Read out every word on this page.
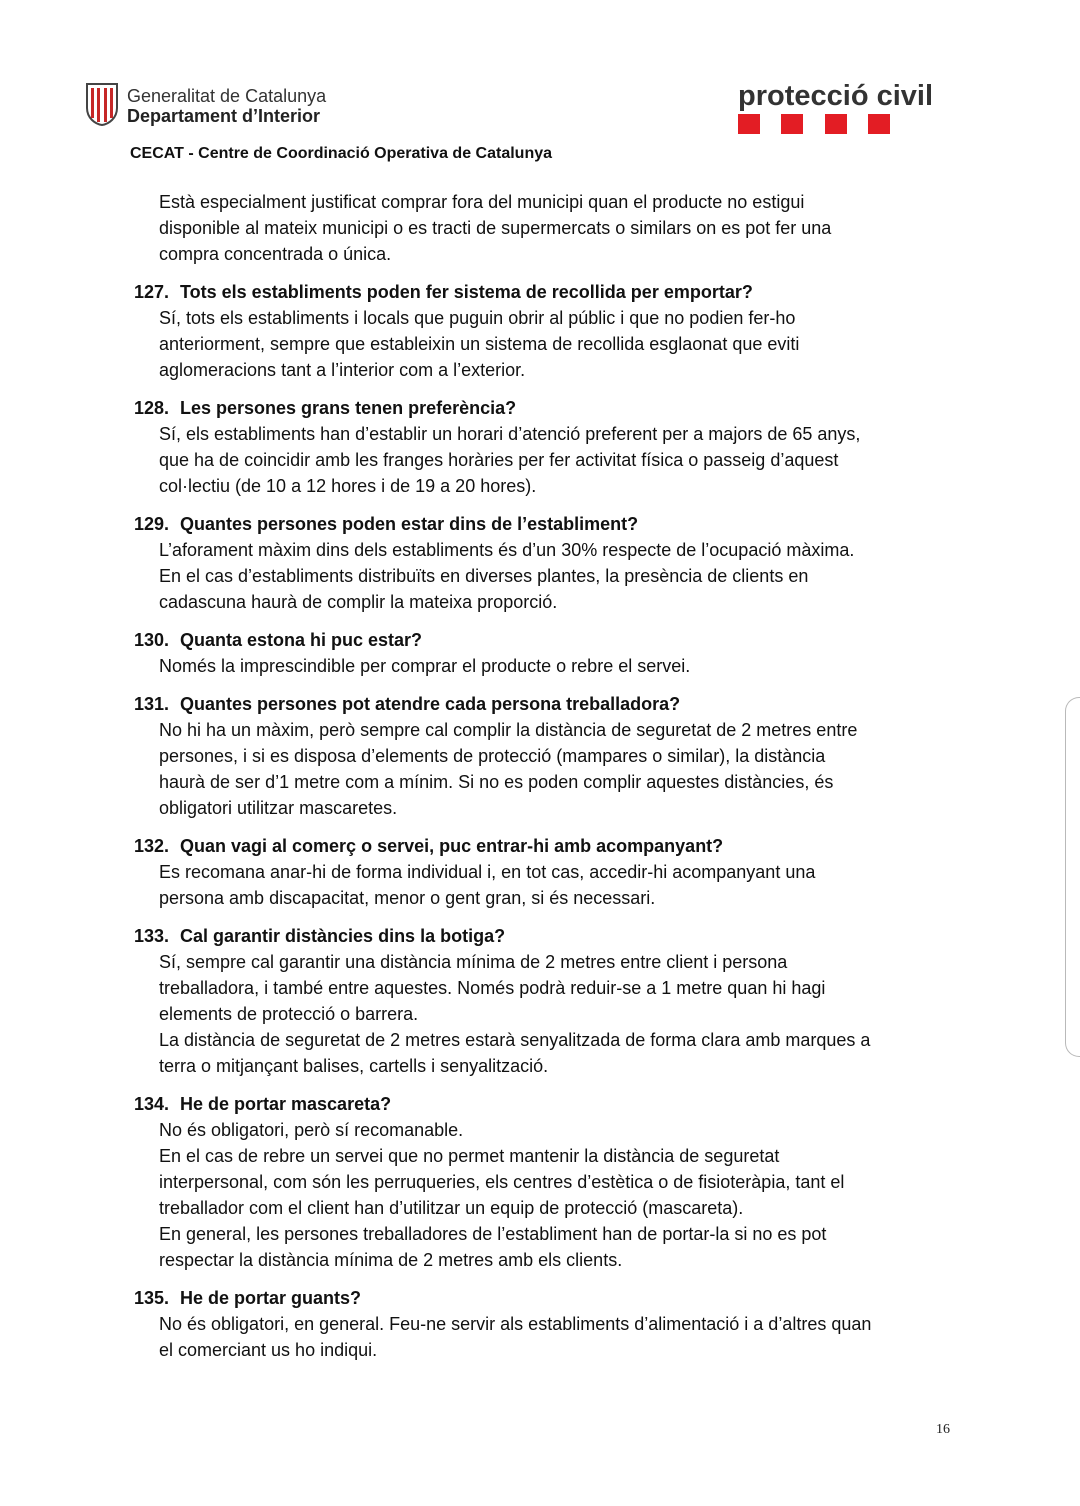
Generalitat de Catalunya
Departament d’Interior
protecció civil
CECAT - Centre de Coordinació Operativa de Catalunya

Està especialment justificat comprar fora del municipi quan el producte no estigui

disponible al mateix municipi o es tracti de supermercats o similars on es pot fer una

compra concentrada o única.

127. Tots els establiments poden fer sistema de recollida per emportar?

Sí, tots els establiments i locals que puguin obrir al públic i que no podien fer-ho

anteriorment, sempre que estableixin un sistema de recollida esglaonat que eviti

aglomeracions tant a l’interior com a l’exterior.

128. Les persones grans tenen preferència?

Sí, els establiments han d’establir un horari d’atenció preferent per a majors de 65 anys,

que ha de coincidir amb les franges horàries per fer activitat física o passeig d’aquest

col·lectiu (de 10 a 12 hores i de 19 a 20 hores).

129. Quantes persones poden estar dins de l’establiment?

L’aforament màxim dins dels establiments és d’un 30% respecte de l’ocupació màxima.

En el cas d’establiments distribuïts en diverses plantes, la presència de clients en

cadascuna haurà de complir la mateixa proporció.

130. Quanta estona hi puc estar?

Només la imprescindible per comprar el producte o rebre el servei.

131. Quantes persones pot atendre cada persona treballadora?

No hi ha un màxim, però sempre cal complir la distància de seguretat de 2 metres entre

persones, i si es disposa d’elements de protecció (mampares o similar), la distància

haurà de ser d’1 metre com a mínim. Si no es poden complir aquestes distàncies, és

obligatori utilitzar mascaretes.

132. Quan vagi al comerç o servei, puc entrar-hi amb acompanyant?

Es recomana anar-hi de forma individual i, en tot cas, accedir-hi acompanyant una

persona amb discapacitat, menor o gent gran, si és necessari.

133. Cal garantir distàncies dins la botiga?

Sí, sempre cal garantir una distància mínima de 2 metres entre client i persona

treballadora, i també entre aquestes. Només podrà reduir-se a 1 metre quan hi hagi

elements de protecció o barrera.

La distància de seguretat de 2 metres estarà senyalitzada de forma clara amb marques a

terra o mitjançant balises, cartells i senyalització.

134. He de portar mascareta?

No és obligatori, però sí recomanable.

En el cas de rebre un servei que no permet mantenir la distància de seguretat

interpersonal, com són les perruqueries, els centres d’estètica o de fisioteràpia, tant el

treballador com el client han d’utilitzar un equip de protecció (mascareta).

En general, les persones treballadores de l’establiment han de portar-la si no es pot

respectar la distància mínima de 2 metres amb els clients.

135. He de portar guants?

No és obligatori, en general. Feu-ne servir als establiments d’alimentació i a d’altres quan

el comerciant us ho indiqui.

16
